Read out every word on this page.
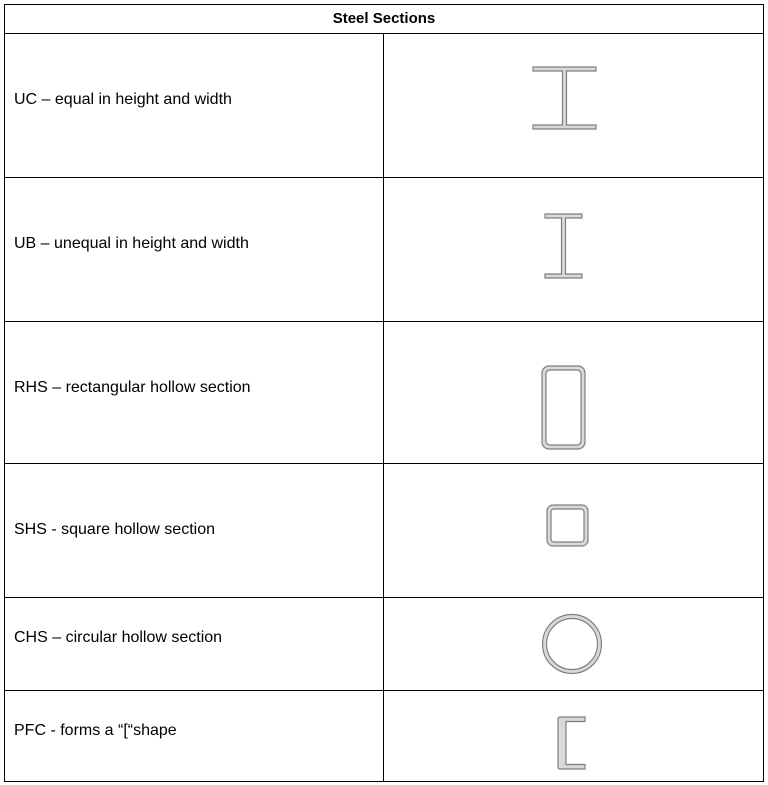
Steel Sections
UC – equal in height and width
UB – unequal in height and width
RHS – rectangular hollow section
SHS - square hollow section
CHS – circular hollow section
PFC - forms a “[“shape
